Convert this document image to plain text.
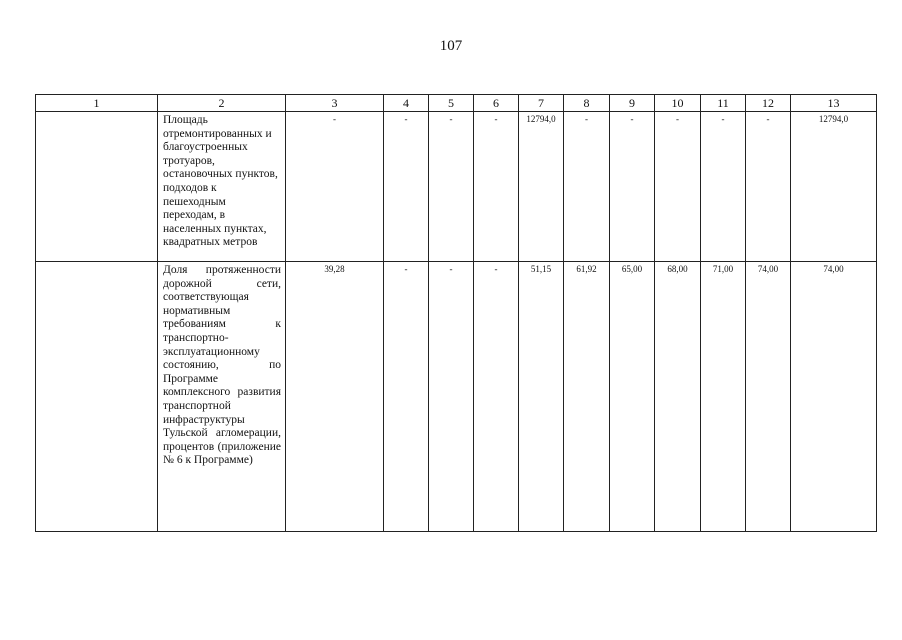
107
1	2	3	4	5	6	7	8	9	10	11	12	13
	Площадь отремонтированных и благоустроенных тротуаров, остановочных пунктов, подходов к пешеходным переходам, в населенных пунктах, квадратных метров	-	-	-	-	12794,0	-	-	-	-	-	12794,0
	Доля протяженности дорожной сети, соответствующая нормативным требованиям к транспортно-эксплуатационному состоянию, по Программе комплексного развития транспортной инфраструктуры Тульской агломерации, процентов (приложение № 6 к Программе)	39,28	-	-	-	51,15	61,92	65,00	68,00	71,00	74,00	74,00
